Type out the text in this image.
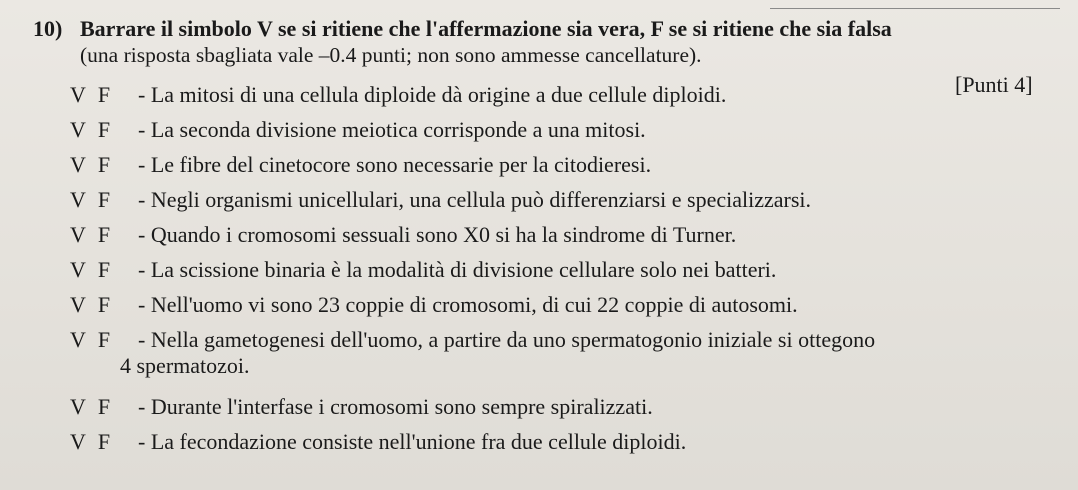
10) Barrare il simbolo V se si ritiene che l'affermazione sia vera, F se si ritiene che sia falsa
(una risposta sbagliata vale –0.4 punti; non sono ammesse cancellature).
[Punti 4]
V F	- La mitosi di una cellula diploide dà origine a due cellule diploidi.
V F	- La seconda divisione meiotica corrisponde a una mitosi.
V F	- Le fibre del cinetocore sono necessarie per la citodieresi.
V F	- Negli organismi unicellulari, una cellula può differenziarsi e specializzarsi.
V F	- Quando i cromosomi sessuali sono X0 si ha la sindrome di Turner.
V F	- La scissione binaria è la modalità di divisione cellulare solo nei batteri.
V F	- Nell'uomo vi sono 23 coppie di cromosomi, di cui 22 coppie di autosomi.
V F	- Nella gametogenesi dell'uomo, a partire da uno spermatogonio iniziale si ottegono
4 spermatozoi.
V F	- Durante l'interfase i cromosomi sono sempre spiralizzati.
V F	- La fecondazione consiste nell'unione fra due cellule diploidi.
